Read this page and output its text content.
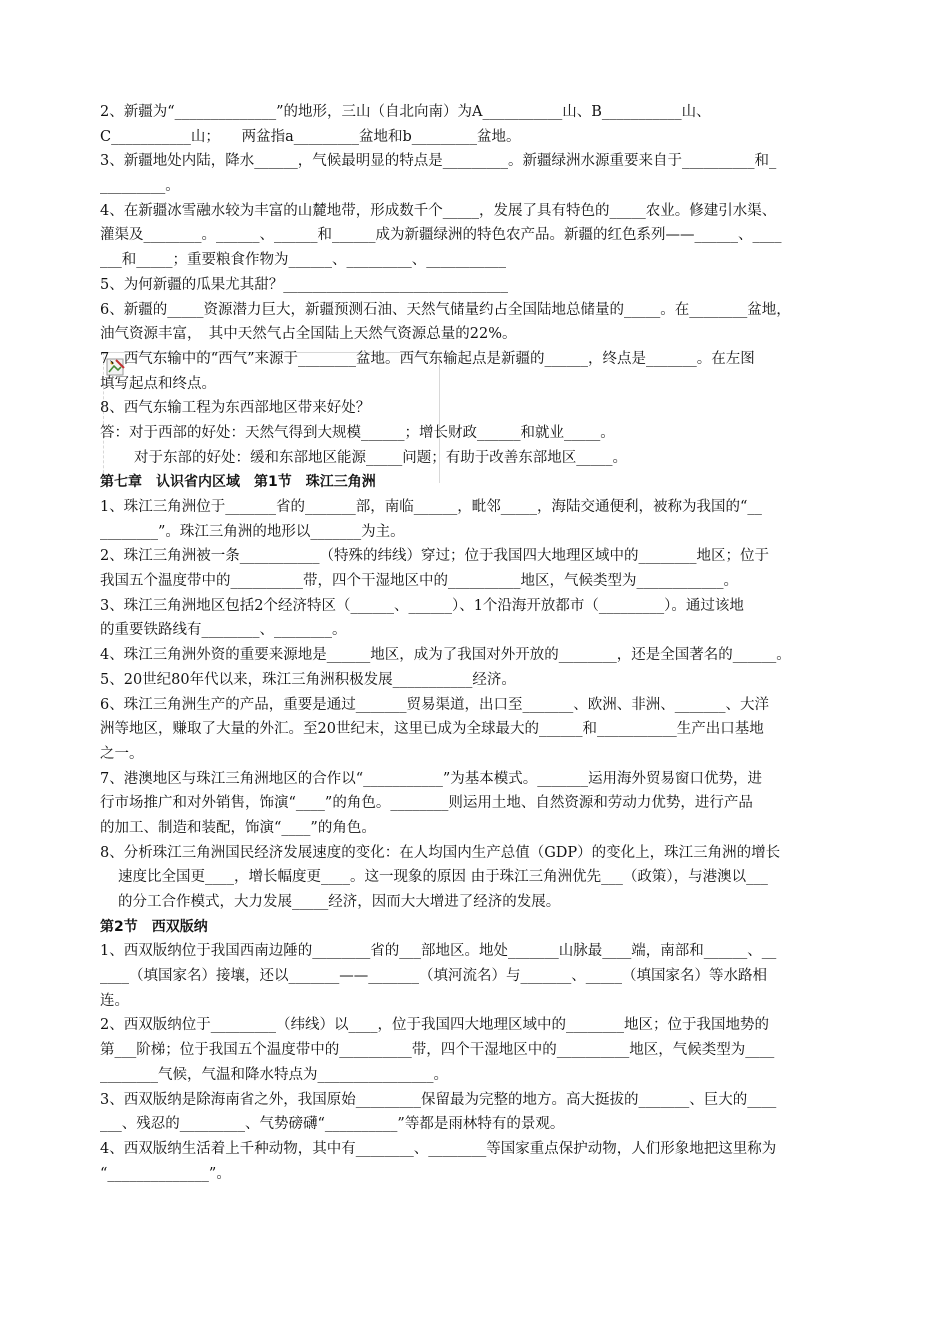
2、新疆为“______________”的地形，三山（自北向南）为A___________山、B___________山、
C___________山；　　两盆指a_________盆地和b_________盆地。
3、新疆地处内陆，降水______，气候最明显的特点是_________。新疆绿洲水源重要来自于__________和_
_________。
4、在新疆冰雪融水较为丰富的山麓地带，形成数千个_____，发展了具有特色的_____农业。修建引水渠、
灌渠及________。______、______和______成为新疆绿洲的特色农产品。新疆的红色系列——______、____
___和_____；重要粮食作物为______、_________、___________
5、为何新疆的瓜果尤其甜？_______________________________
6、新疆的_____资源潜力巨大，新疆预测石油、天然气储量约占全国陆地总储量的_____。在________盆地，
油气资源丰富，　其中天然气占全国陆上天然气资源总量的22%。
7、西气东输中的“西气”来源于________盆地。西气东输起点是新疆的______，终点是_______。在左图
填写起点和终点。
8、西气东输工程为东西部地区带来好处？
答：对于西部的好处：天然气得到大规模______；增长财政______和就业_____。
对于东部的好处：缓和东部地区能源_____问题；有助于改善东部地区_____。
第七章　认识省内区域　第1节　珠江三角洲
1、珠江三角洲位于_______省的_______部，南临______，毗邻_____，海陆交通便利，被称为我国的“__
________”。珠江三角洲的地形以_______为主。
2、珠江三角洲被一条___________（特殊的纬线）穿过；位于我国四大地理区域中的________地区；位于
我国五个温度带中的__________带，四个干湿地区中的__________地区，气候类型为____________。
3、珠江三角洲地区包括2个经济特区（______、______）、1个沿海开放都市（_________）。通过该地
的重要铁路线有________、________。
4、珠江三角洲外资的重要来源地是______地区，成为了我国对外开放的________，还是全国著名的______。
5、20世纪80年代以来，珠江三角洲积极发展___________经济。
6、珠江三角洲生产的产品，重要是通过_______贸易渠道，出口至_______、欧洲、非洲、_______、大洋
洲等地区，赚取了大量的外汇。至20世纪末，这里已成为全球最大的______和___________生产出口基地
之一。
7、港澳地区与珠江三角洲地区的合作以“___________”为基本模式。_______运用海外贸易窗口优势，进
行市场推广和对外销售，饰演“____”的角色。________则运用土地、自然资源和劳动力优势，进行产品
的加工、制造和装配，饰演“____”的角色。
8、分析珠江三角洲国民经济发展速度的变化：在人均国内生产总值（GDP）的变化上，珠江三角洲的增长
速度比全国更____，增长幅度更____。这一现象的原因 由于珠江三角洲优先___（政策），与港澳以___
的分工合作模式，大力发展_____经济，因而大大增进了经济的发展。
第2节　西双版纳
1、西双版纳位于我国西南边陲的________省的___部地区。地处_______山脉最____端，南部和______、__
____（填国家名）接壤，还以_______——_______（填河流名）与_______、_____（填国家名）等水路相
连。
2、西双版纳位于_________（纬线）以____，位于我国四大地理区域中的________地区；位于我国地势的
第___阶梯；位于我国五个温度带中的__________带，四个干湿地区中的__________地区，气候类型为____
________气候，气温和降水特点为________________。
3、西双版纳是除海南省之外，我国原始_________保留最为完整的地方。高大挺拔的_______、巨大的____
___、残忍的_________、气势磅礴“__________”等都是雨林特有的景观。
4、西双版纳生活着上千种动物，其中有________、________等国家重点保护动物，人们形象地把这里称为
“______________”。
